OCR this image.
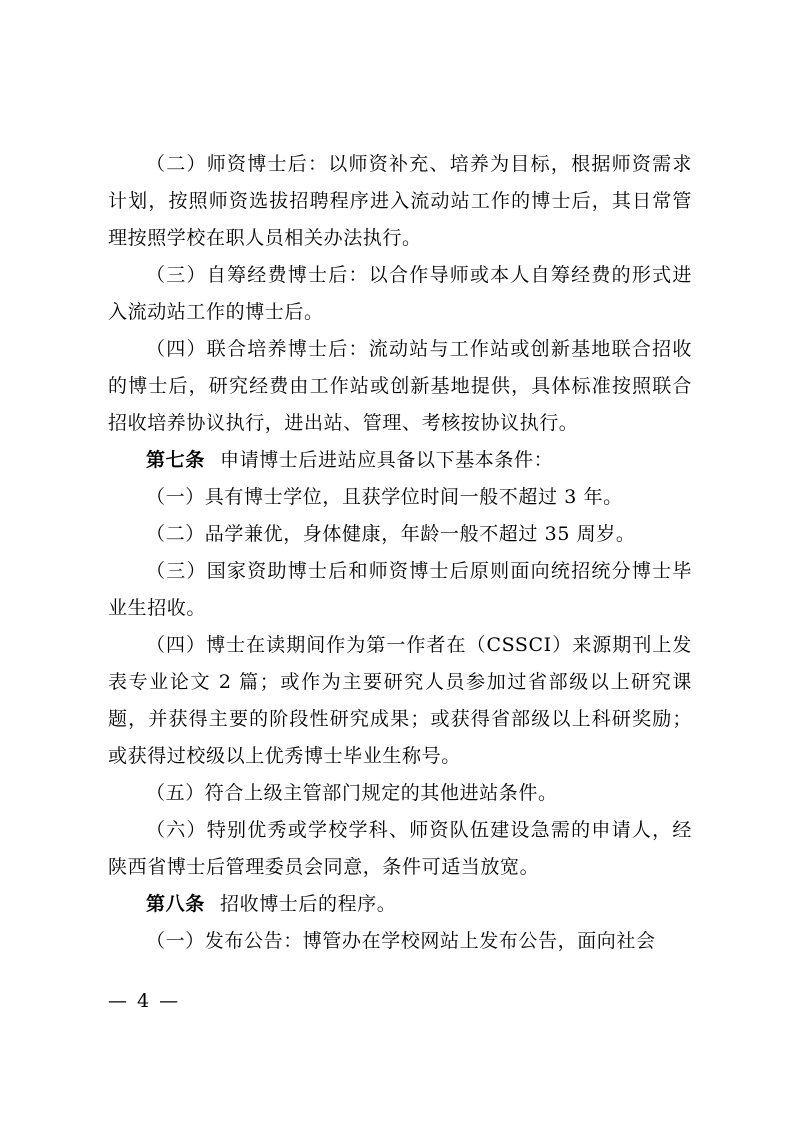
（二）师资博士后：以师资补充、培养为目标，根据师资需求计划，按照师资选拔招聘程序进入流动站工作的博士后，其日常管理按照学校在职人员相关办法执行。

（三）自筹经费博士后：以合作导师或本人自筹经费的形式进入流动站工作的博士后。

（四）联合培养博士后：流动站与工作站或创新基地联合招收的博士后，研究经费由工作站或创新基地提供，具体标准按照联合招收培养协议执行，进出站、管理、考核按协议执行。

第七条 申请博士后进站应具备以下基本条件：

（一）具有博士学位，且获学位时间一般不超过 3 年。

（二）品学兼优，身体健康，年龄一般不超过 35 周岁。

（三）国家资助博士后和师资博士后原则面向统招统分博士毕业生招收。

（四）博士在读期间作为第一作者在（CSSCI）来源期刊上发表专业论文 2 篇；或作为主要研究人员参加过省部级以上研究课题，并获得主要的阶段性研究成果；或获得省部级以上科研奖励；或获得过校级以上优秀博士毕业生称号。

（五）符合上级主管部门规定的其他进站条件。

（六）特别优秀或学校学科、师资队伍建设急需的申请人，经陕西省博士后管理委员会同意，条件可适当放宽。

第八条 招收博士后的程序。

（一）发布公告：博管办在学校网站上发布公告，面向社会

— 4 —
